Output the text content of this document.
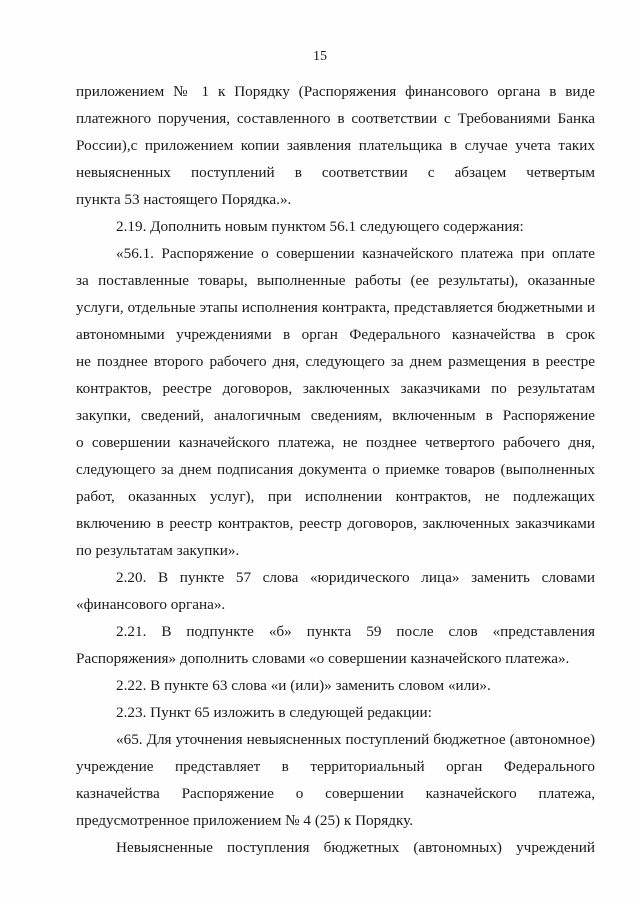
15
приложением № 1 к Порядку (Распоряжения финансового органа в виде
платежного поручения, составленного в соответствии с Требованиями Банка
России),с приложением копии заявления плательщика в случае учета таких
невыясненных поступлений в соответствии с абзацем четвертым
пункта 53 настоящего Порядка.».
2.19. Дополнить новым пунктом 56.1 следующего содержания:
«56.1. Распоряжение о совершении казначейского платежа при оплате
за поставленные товары, выполненные работы (ее результаты), оказанные
услуги, отдельные этапы исполнения контракта, представляется бюджетными и
автономными учреждениями в орган Федерального казначейства в срок
не позднее второго рабочего дня, следующего за днем размещения в реестре
контрактов, реестре договоров, заключенных заказчиками по результатам
закупки, сведений, аналогичным сведениям, включенным в Распоряжение
о совершении казначейского платежа, не позднее четвертого рабочего дня,
следующего за днем подписания документа о приемке товаров (выполненных
работ, оказанных услуг), при исполнении контрактов, не подлежащих
включению в реестр контрактов, реестр договоров, заключенных заказчиками
по результатам закупки».
2.20. В пункте 57 слова «юридического лица» заменить словами
«финансового органа».
2.21. В подпункте «б» пункта 59 после слов «представления
Распоряжения» дополнить словами «о совершении казначейского платежа».
2.22. В пункте 63 слова «и (или)» заменить словом «или».
2.23. Пункт 65 изложить в следующей редакции:
«65. Для уточнения невыясненных поступлений бюджетное (автономное)
учреждение представляет в территориальный орган Федерального
казначейства Распоряжение о совершении казначейского платежа,
предусмотренное приложением № 4 (25) к Порядку.
Невыясненные поступления бюджетных (автономных) учреждений
